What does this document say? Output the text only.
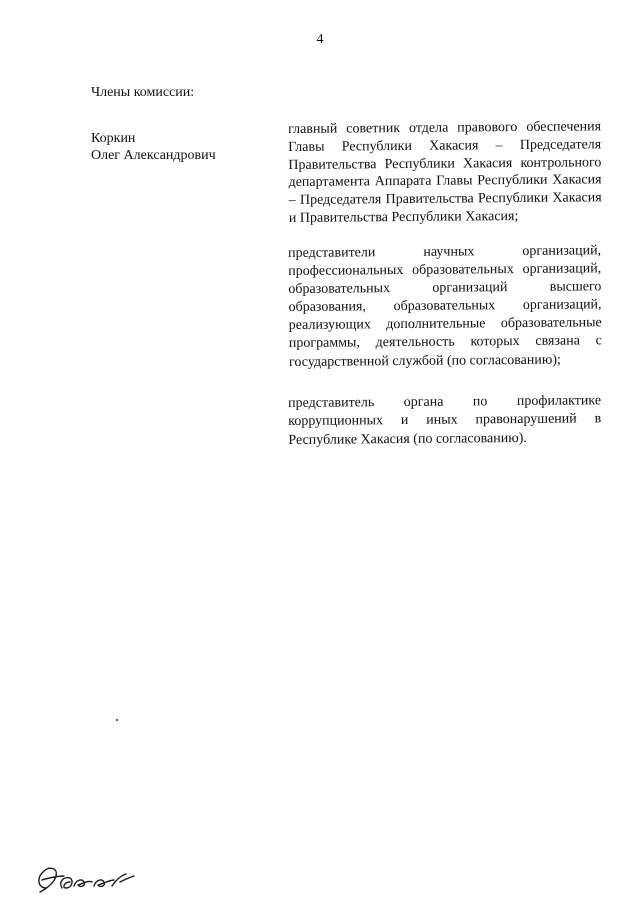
4
Члены комиссии:
Коркин
Олег Александрович
главный советник отдела правового обеспечения
Главы Республики Хакасия – Председателя
Правительства Республики Хакасия контрольного
департамента Аппарата Главы Республики Хакасия
– Председателя Правительства Республики Хакасия
и Правительства Республики Хакасия;
представители научных организаций,
профессиональных образовательных организаций,
образовательных организаций высшего
образования, образовательных организаций,
реализующих дополнительные образовательные
программы, деятельность которых связана с
государственной службой (по согласованию);
представитель органа по профилактике
коррупционных и иных правонарушений в
Республике Хакасия (по согласованию).
